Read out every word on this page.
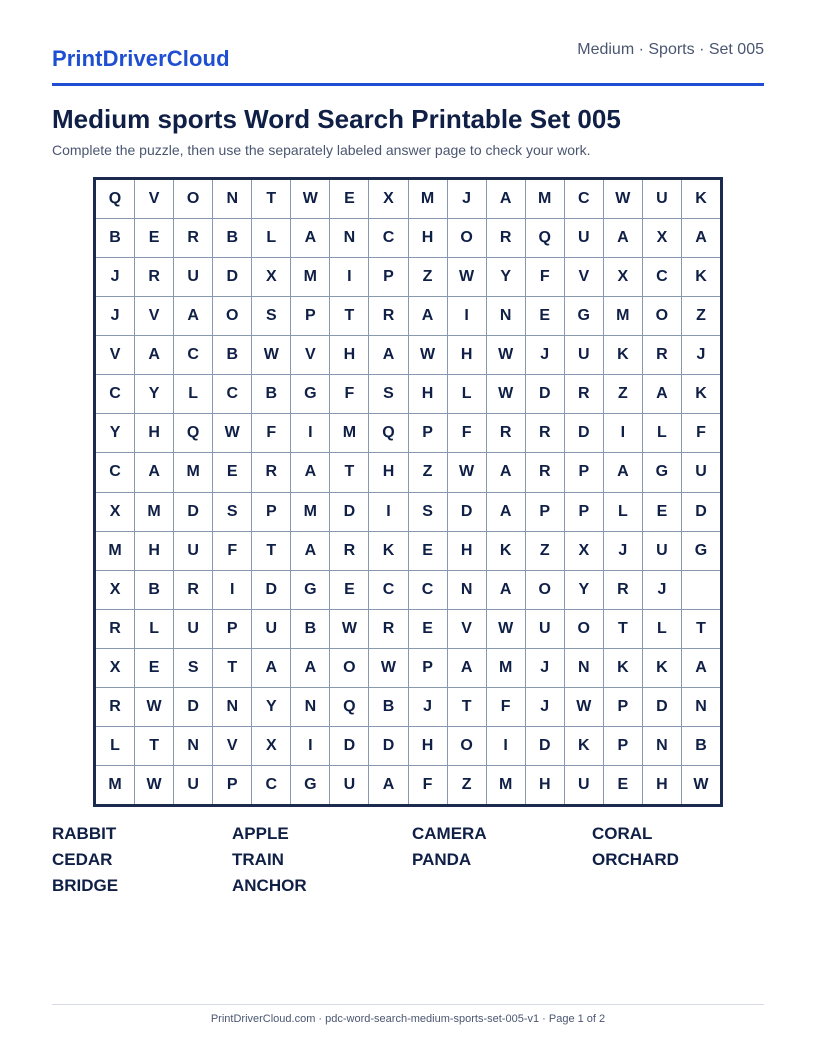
PrintDriverCloud	Medium · Sports · Set 005
Medium sports Word Search Printable Set 005
Complete the puzzle, then use the separately labeled answer page to check your work.
Q	V	O	N	T	W	E	X	M	J	A	M	C	W	U	K
B	E	R	B	L	A	N	C	H	O	R	Q	U	A	X	A
J	R	U	D	X	M	I	P	Z	W	Y	F	V	X	C	K
J	V	A	O	S	P	T	R	A	I	N	E	G	M	O	Z
V	A	C	B	W	V	H	A	W	H	W	J	U	K	R	J
C	Y	L	C	B	G	F	S	H	L	W	D	R	Z	A	K
Y	H	Q	W	F	I	M	Q	P	F	R	R	D	I	L	F
C	A	M	E	R	A	T	H	Z	W	A	R	P	A	G	U
X	M	D	S	P	M	D	I	S	D	A	P	P	L	E	D
M	H	U	F	T	A	R	K	E	H	K	Z	X	J	U	G
X	B	R	I	D	G	E	C	C	N	A	O	Y	R	J
R	L	U	P	U	B	W	R	E	V	W	U	O	T	L	T
X	E	S	T	A	A	O	W	P	A	M	J	N	K	K	A
R	W	D	N	Y	N	Q	B	J	T	F	J	W	P	D	N
L	T	N	V	X	I	D	D	H	O	I	D	K	P	N	B
M	W	U	P	C	G	U	A	F	Z	M	H	U	E	H	W
RABBIT	APPLE	CAMERA	CORAL
CEDAR	TRAIN	PANDA	ORCHARD
BRIDGE	ANCHOR
PrintDriverCloud.com · pdc-word-search-medium-sports-set-005-v1 · Page 1 of 2
